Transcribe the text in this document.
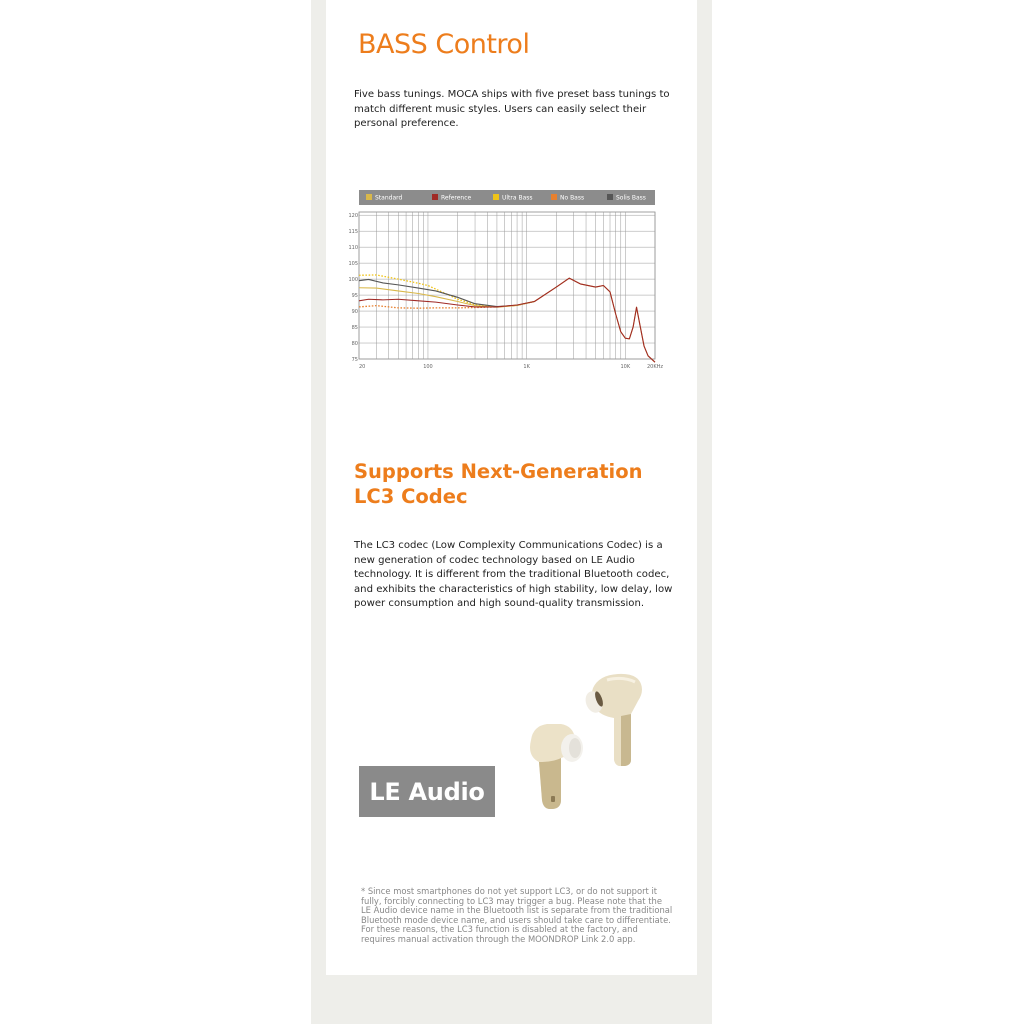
BASS Control
Five bass tunings. MOCA ships with five preset bass tunings to match different music styles. Users can easily select their personal preference.
Standard	Reference	Ultra Bass	No Bass	Solis Bass
120
115
110
105
100
95
90
85
80
75
20	100	1K	10K	20KHz
Supports Next-Generation LC3 Codec
The LC3 codec (Low Complexity Communications Codec) is a new generation of codec technology based on LE Audio technology. It is different from the traditional Bluetooth codec, and exhibits the characteristics of high stability, low delay, low power consumption and high sound-quality transmission.
LE Audio
* Since most smartphones do not yet support LC3, or do not support it fully, forcibly connecting to LC3 may trigger a bug. Please note that the LE Audio device name in the Bluetooth list is separate from the traditional Bluetooth mode device name, and users should take care to differentiate. For these reasons, the LC3 function is disabled at the factory, and requires manual activation through the MOONDROP Link 2.0 app.
